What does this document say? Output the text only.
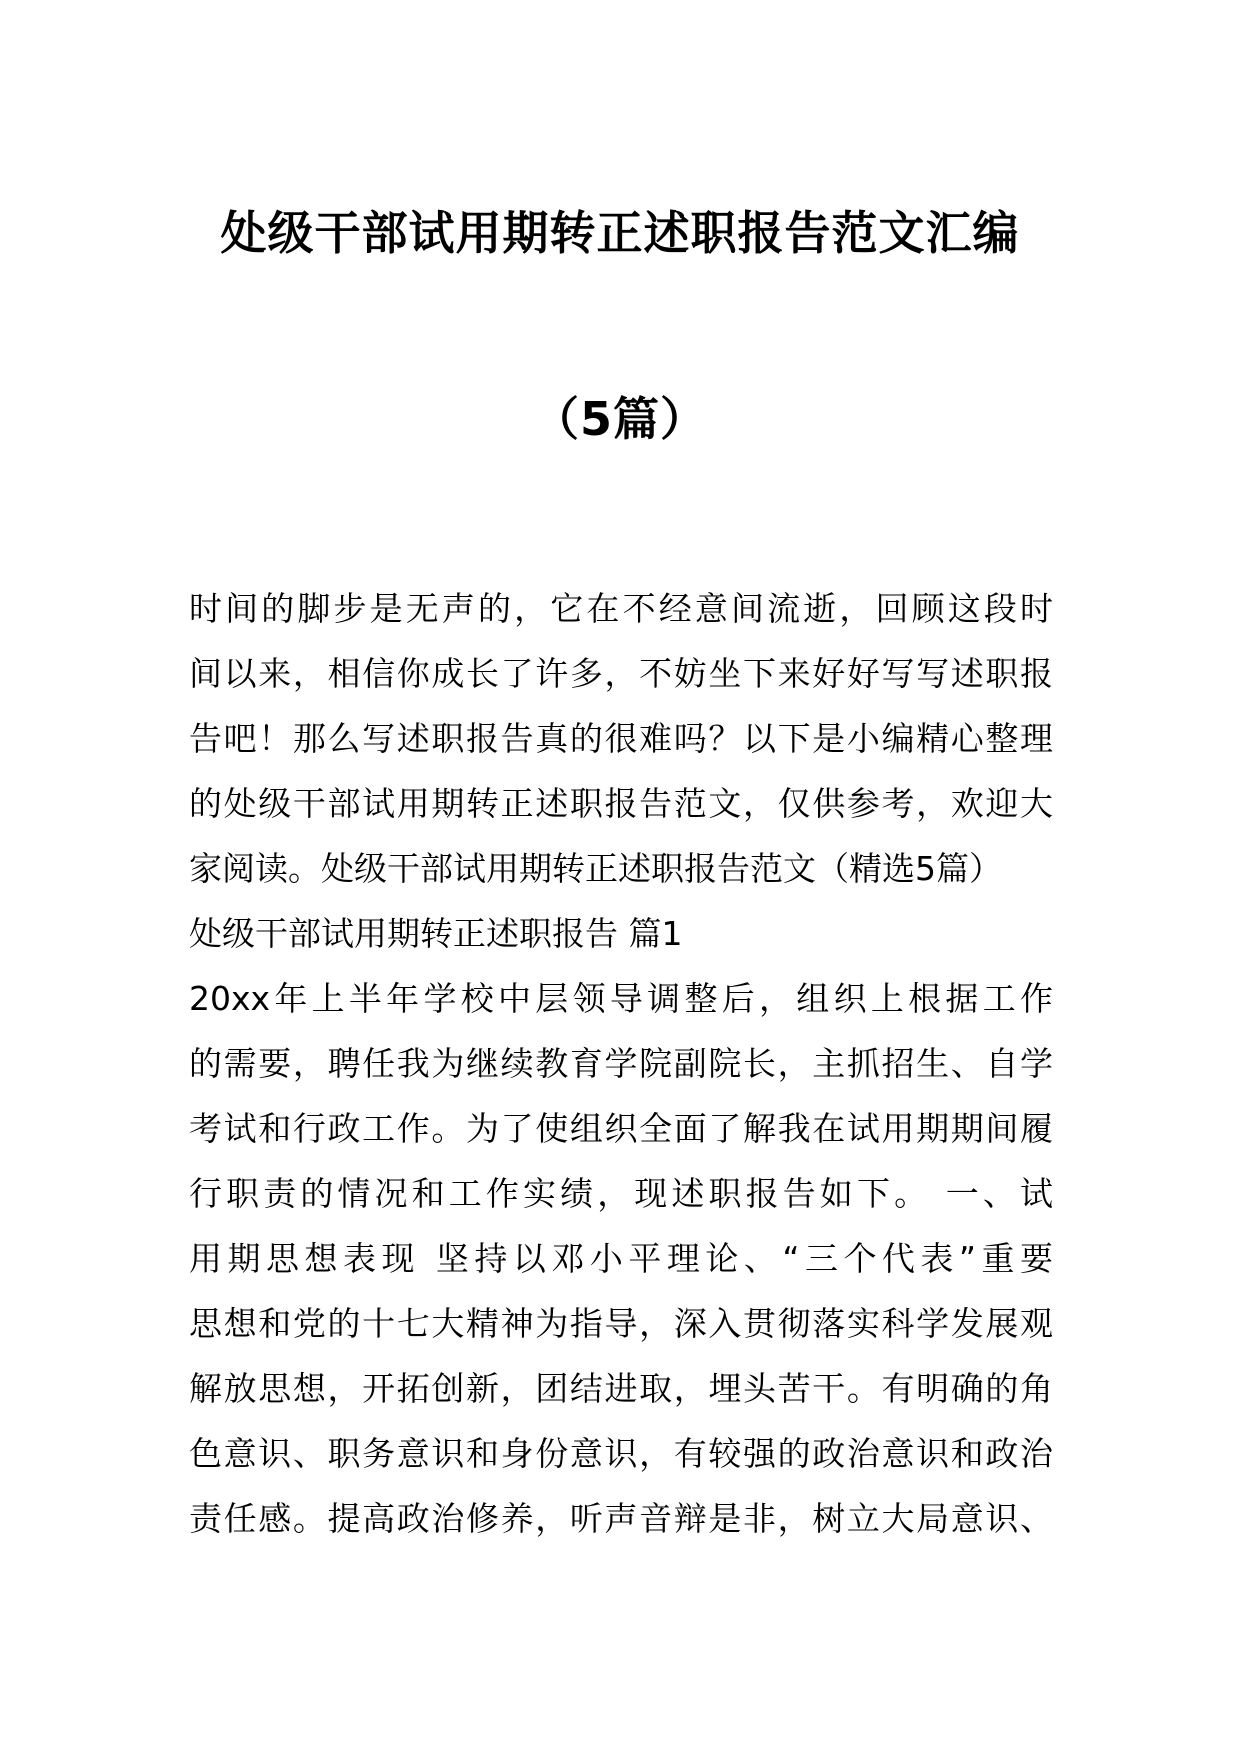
处级干部试用期转正述职报告范文汇编
（5篇）
时间的脚步是无声的，它在不经意间流逝，回顾这段时
间以来，相信你成长了许多，不妨坐下来好好写写述职报
告吧！那么写述职报告真的很难吗？以下是小编精心整理
的处级干部试用期转正述职报告范文，仅供参考，欢迎大
家阅读。处级干部试用期转正述职报告范文（精选5篇）
处级干部试用期转正述职报告 篇1
20xx年上半年学校中层领导调整后，组织上根据工作
的需要，聘任我为继续教育学院副院长，主抓招生、自学
考试和行政工作。为了使组织全面了解我在试用期期间履
行职责的情况和工作实绩，现述职报告如下。 一、试
用期思想表现 坚持以邓小平理论、“三个代表”重要
思想和党的十七大精神为指导，深入贯彻落实科学发展观
解放思想，开拓创新，团结进取，埋头苦干。有明确的角
色意识、职务意识和身份意识，有较强的政治意识和政治
责任感。提高政治修养，听声音辩是非，树立大局意识、
